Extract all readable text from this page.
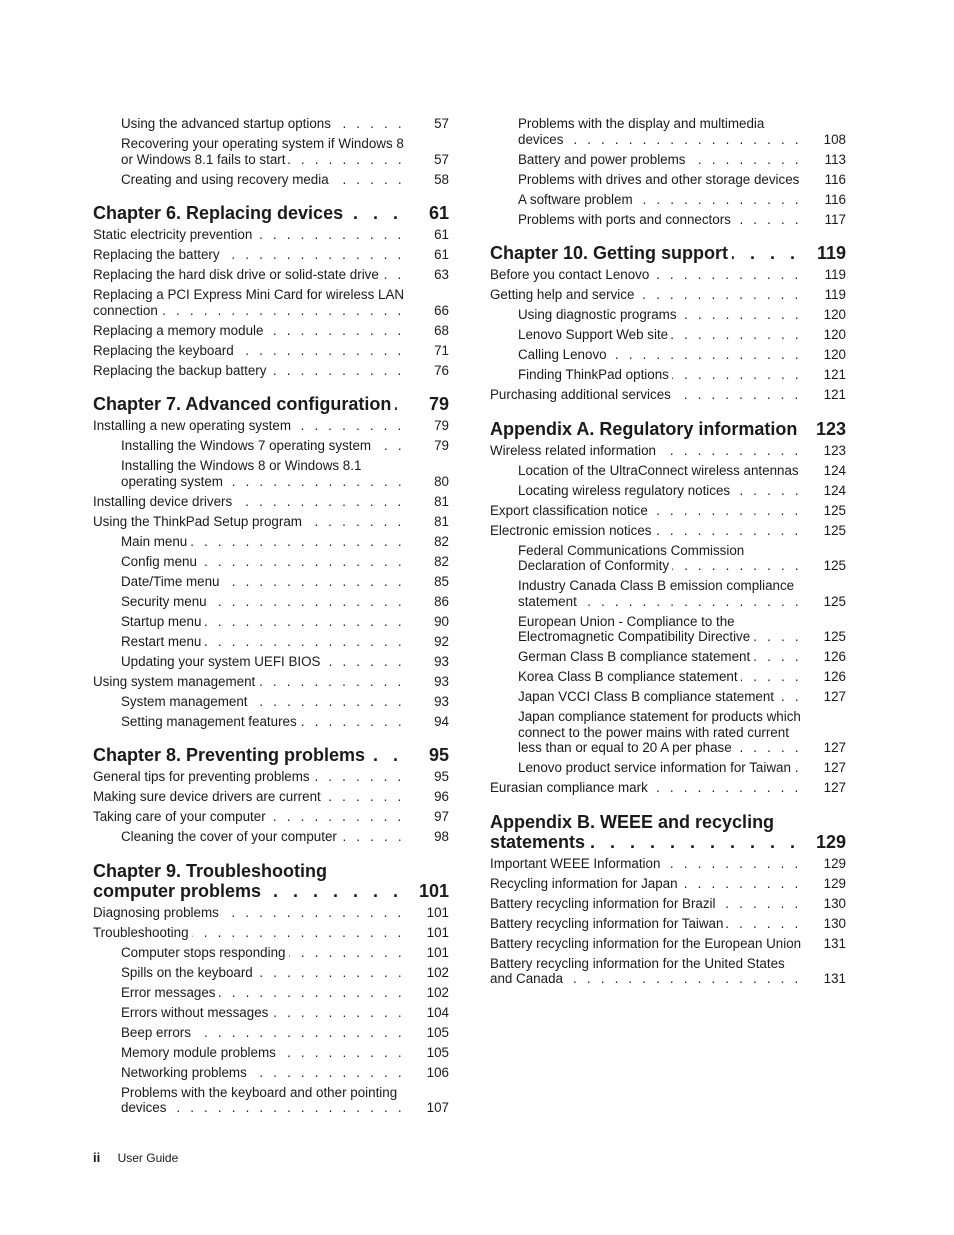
Using the advanced startup options . . .	57
Recovering your operating system if Windows 8 or Windows 8.1 fails to start . . .	57
Creating and using recovery media . . .	58
Chapter 6. Replacing devices . . .	61
Static electricity prevention . . .	61
Replacing the battery . . .	61
Replacing the hard disk drive or solid-state drive . . .	63
Replacing a PCI Express Mini Card for wireless LAN connection . . .	66
Replacing a memory module . . .	68
Replacing the keyboard . . .	71
Replacing the backup battery . . .	76
Chapter 7. Advanced configuration . . .	79
Installing a new operating system . . .	79
Installing the Windows 7 operating system . . .	79
Installing the Windows 8 or Windows 8.1 operating system . . .	80
Installing device drivers . . .	81
Using the ThinkPad Setup program . . .	81
Main menu . . .	82
Config menu . . .	82
Date/Time menu . . .	85
Security menu . . .	86
Startup menu . . .	90
Restart menu . . .	92
Updating your system UEFI BIOS . . .	93
Using system management . . .	93
System management . . .	93
Setting management features . . .	94
Chapter 8. Preventing problems . . .	95
General tips for preventing problems . . .	95
Making sure device drivers are current . . .	96
Taking care of your computer . . .	97
Cleaning the cover of your computer . . .	98
Chapter 9. Troubleshooting computer problems . . .	101
Diagnosing problems . . .	101
Troubleshooting . . .	101
Computer stops responding . . .	101
Spills on the keyboard . . .	102
Error messages . . .	102
Errors without messages . . .	104
Beep errors . . .	105
Memory module problems . . .	105
Networking problems . . .	106
Problems with the keyboard and other pointing devices . . .	107
Problems with the display and multimedia devices . . .	108
Battery and power problems . . .	113
Problems with drives and other storage devices . . .	116
A software problem . . .	116
Problems with ports and connectors . . .	117
Chapter 10. Getting support . . .	119
Before you contact Lenovo . . .	119
Getting help and service . . .	119
Using diagnostic programs . . .	120
Lenovo Support Web site . . .	120
Calling Lenovo . . .	120
Finding ThinkPad options . . .	121
Purchasing additional services . . .	121
Appendix A. Regulatory information . . .	123
Wireless related information . . .	123
Location of the UltraConnect wireless antennas . . .	124
Locating wireless regulatory notices . . .	124
Export classification notice . . .	125
Electronic emission notices . . .	125
Federal Communications Commission Declaration of Conformity . . .	125
Industry Canada Class B emission compliance statement . . .	125
European Union - Compliance to the Electromagnetic Compatibility Directive . . .	125
German Class B compliance statement . . .	126
Korea Class B compliance statement . . .	126
Japan VCCI Class B compliance statement . . .	127
Japan compliance statement for products which connect to the power mains with rated current less than or equal to 20 A per phase . . .	127
Lenovo product service information for Taiwan . . .	127
Eurasian compliance mark . . .	127
Appendix B. WEEE and recycling statements . . .	129
Important WEEE Information . . .	129
Recycling information for Japan . . .	129
Battery recycling information for Brazil . . .	130
Battery recycling information for Taiwan . . .	130
Battery recycling information for the European Union . . .	131
Battery recycling information for the United States and Canada . . .	131
ii User Guide
